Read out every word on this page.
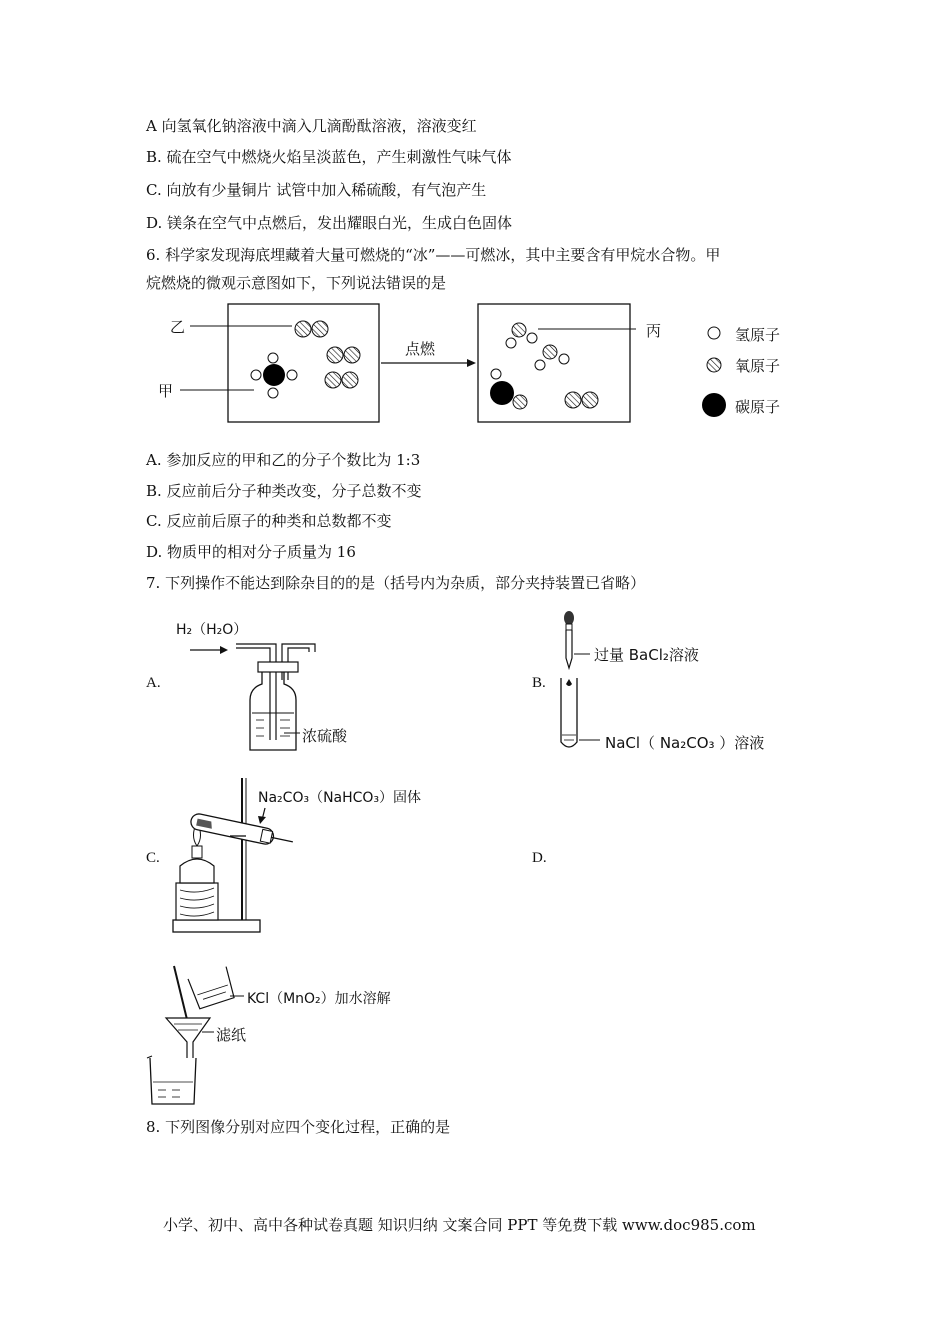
A 向氢氧化钠溶液中滴入几滴酚酞溶液，溶液变红
B. 硫在空气中燃烧火焰呈淡蓝色，产生刺激性气味气体
C. 向放有少量铜片 试管中加入稀硫酸，有气泡产生
D. 镁条在空气中点燃后，发出耀眼白光，生成白色固体
6. 科学家发现海底埋藏着大量可燃烧的“冰”——可燃冰，其中主要含有甲烷水合物。甲
烷燃烧的微观示意图如下，下列说法错误的是
乙
甲
丙
点燃
氢原子
氧原子
碳原子
A. 参加反应的甲和乙的分子个数比为 1:3
B. 反应前后分子种类改变，分子总数不变
C. 反应前后原子的种类和总数都不变
D. 物质甲的相对分子质量为 16
7. 下列操作不能达到除杂目的的是（括号内为杂质，部分夹持装置已省略）
A.
H₂（H₂O）
浓硫酸
B.
过量 BaCl₂溶液
NaCl（ Na₂CO₃ ）溶液
C.
Na₂CO₃（NaHCO₃）固体
D.
KCl（MnO₂）加水溶解
滤纸
8. 下列图像分别对应四个变化过程，正确的是
小学、初中、高中各种试卷真题 知识归纳 文案合同 PPT 等免费下载 www.doc985.com
